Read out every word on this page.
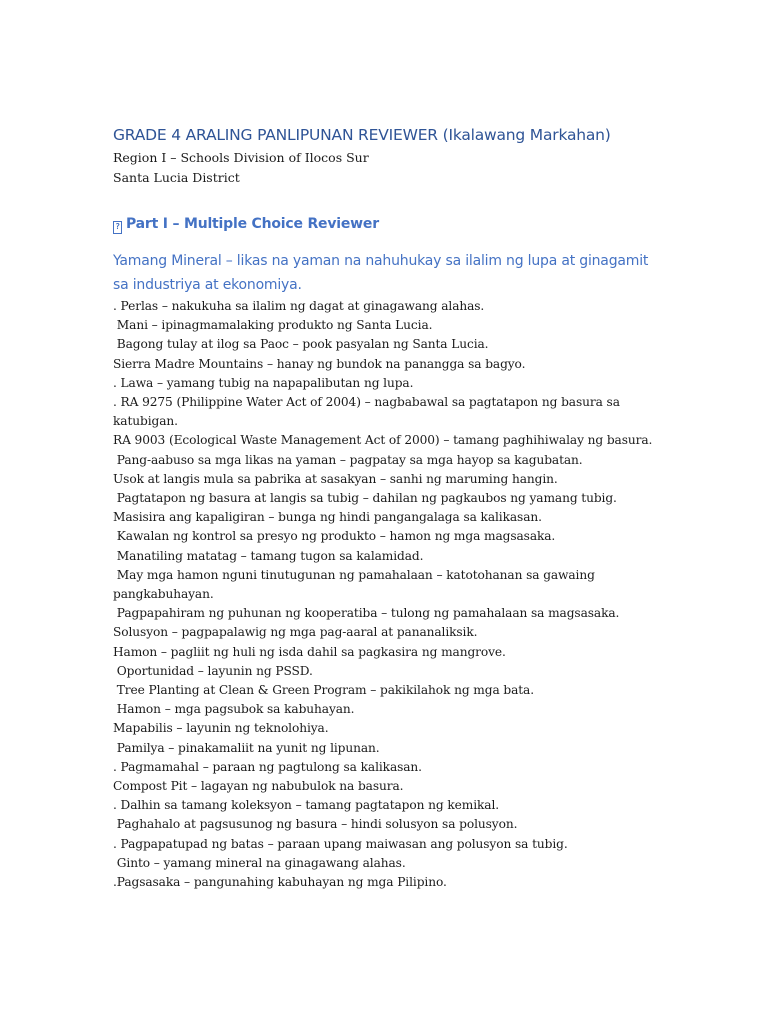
GRADE 4 ARALING PANLIPUNAN REVIEWER (Ikalawang Markahan)

Region I – Schools Division of Ilocos Sur

Santa Lucia District

? Part I – Multiple Choice Reviewer
Yamang Mineral – likas na yaman na nahuhukay sa ilalim ng lupa at ginagamit sa industriya at ekonomiya.
. Perlas – nakukuha sa ilalim ng dagat at ginagawang alahas.
Mani – ipinagmamalaking produkto ng Santa Lucia.
Bagong tulay at ilog sa Paoc – pook pasyalan ng Santa Lucia.
Sierra Madre Mountains – hanay ng bundok na panangga sa bagyo.
. Lawa – yamang tubig na napapalibutan ng lupa.
. RA 9275 (Philippine Water Act of 2004) – nagbabawal sa pagtatapon ng basura sa katubigan.
RA 9003 (Ecological Waste Management Act of 2000) – tamang paghihiwalay ng basura.
Pang-aabuso sa mga likas na yaman – pagpatay sa mga hayop sa kagubatan.
Usok at langis mula sa pabrika at sasakyan – sanhi ng maruming hangin.
Pagtatapon ng basura at langis sa tubig – dahilan ng pagkaubos ng yamang tubig.
Masisira ang kapaligiran – bunga ng hindi pangangalaga sa kalikasan.
Kawalan ng kontrol sa presyo ng produkto – hamon ng mga magsasaka.
Manatiling matatag – tamang tugon sa kalamidad.
May mga hamon nguni tinutugunan ng pamahalaan – katotohanan sa gawaing pangkabuhayan.
Pagpapahiram ng puhunan ng kooperatiba – tulong ng pamahalaan sa magsasaka.
Solusyon – pagpapalawig ng mga pag-aaral at pananaliksik.
Hamon – pagliit ng huli ng isda dahil sa pagkasira ng mangrove.
Oportunidad – layunin ng PSSD.
Tree Planting at Clean & Green Program – pakikilahok ng mga bata.
Hamon – mga pagsubok sa kabuhayan.
Mapabilis – layunin ng teknolohiya.
Pamilya – pinakamaliit na yunit ng lipunan.
. Pagmamahal – paraan ng pagtulong sa kalikasan.
Compost Pit – lagayan ng nabubulok na basura.
. Dalhin sa tamang koleksyon – tamang pagtatapon ng kemikal.
Paghahalo at pagsusunog ng basura – hindi solusyon sa polusyon.
. Pagpapatupad ng batas – paraan upang maiwasan ang polusyon sa tubig.
Ginto – yamang mineral na ginagawang alahas.
.Pagsasaka – pangunahing kabuhayan ng mga Pilipino.
